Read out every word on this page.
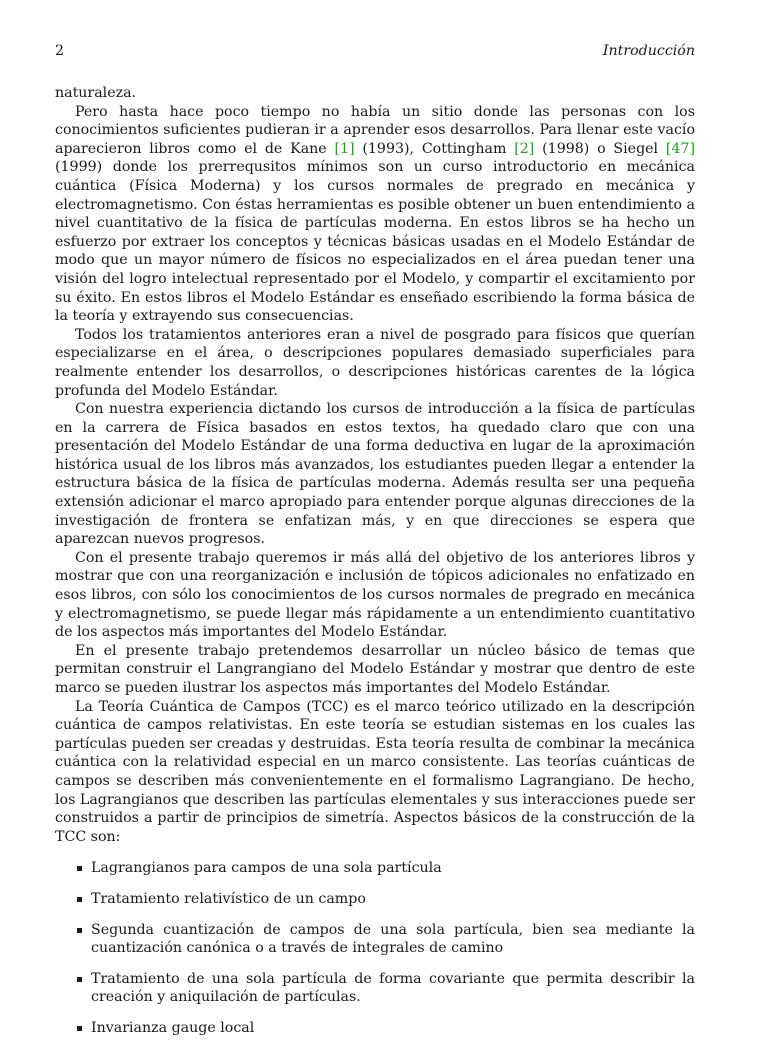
2	Introducción

naturaleza.

Pero hasta hace poco tiempo no había un sitio donde las personas con los conocimientos suficientes pudieran ir a aprender esos desarrollos. Para llenar este vacío aparecieron libros como el de Kane [1] (1993), Cottingham [2] (1998) o Siegel [47] (1999) donde los prerrequsitos mínimos son un curso introductorio en mecánica cuántica (Física Moderna) y los cursos normales de pregrado en mecánica y electromagnetismo. Con éstas herramientas es posible obtener un buen entendimiento a nivel cuantitativo de la física de partículas moderna. En estos libros se ha hecho un esfuerzo por extraer los conceptos y técnicas básicas usadas en el Modelo Estándar de modo que un mayor número de físicos no especializados en el área puedan tener una visión del logro intelectual representado por el Modelo, y compartir el excitamiento por su éxito. En estos libros el Modelo Estándar es enseñado escribiendo la forma básica de la teoría y extrayendo sus consecuencias.

Todos los tratamientos anteriores eran a nivel de posgrado para físicos que querían especializarse en el área, o descripciones populares demasiado superficiales para realmente entender los desarrollos, o descripciones históricas carentes de la lógica profunda del Modelo Estándar.

Con nuestra experiencia dictando los cursos de introducción a la física de partículas en la carrera de Física basados en estos textos, ha quedado claro que con una presentación del Modelo Estándar de una forma deductiva en lugar de la aproximación histórica usual de los libros más avanzados, los estudiantes pueden llegar a entender la estructura básica de la física de partículas moderna. Además resulta ser una pequeña extensión adicionar el marco apropiado para entender porque algunas direcciones de la investigación de frontera se enfatizan más, y en que direcciones se espera que aparezcan nuevos progresos.

Con el presente trabajo queremos ir más allá del objetivo de los anteriores libros y mostrar que con una reorganización e inclusión de tópicos adicionales no enfatizado en esos libros, con sólo los conocimientos de los cursos normales de pregrado en mecánica y electromagnetismo, se puede llegar más rápidamente a un entendimiento cuantitativo de los aspectos más importantes del Modelo Estándar.

En el presente trabajo pretendemos desarrollar un núcleo básico de temas que permitan construir el Langrangiano del Modelo Estándar y mostrar que dentro de este marco se pueden ilustrar los aspectos más importantes del Modelo Estándar.

La Teoría Cuántica de Campos (TCC) es el marco teórico utilizado en la descripción cuántica de campos relativistas. En este teoría se estudian sistemas en los cuales las partículas pueden ser creadas y destruidas. Esta teoría resulta de combinar la mecánica cuántica con la relatividad especial en un marco consistente. Las teorías cuánticas de campos se describen más convenientemente en el formalismo Lagrangiano. De hecho, los Lagrangianos que describen las partículas elementales y sus interacciones puede ser construidos a partir de principios de simetría. Aspectos básicos de la construcción de la TCC son:

Lagrangianos para campos de una sola partícula
Tratamiento relativístico de un campo
Segunda cuantización de campos de una sola partícula, bien sea mediante la cuantización canónica o a través de integrales de camino
Tratamiento de una sola partícula de forma covariante que permita describir la creación y aniquilación de partículas.
Invarianza gauge local
